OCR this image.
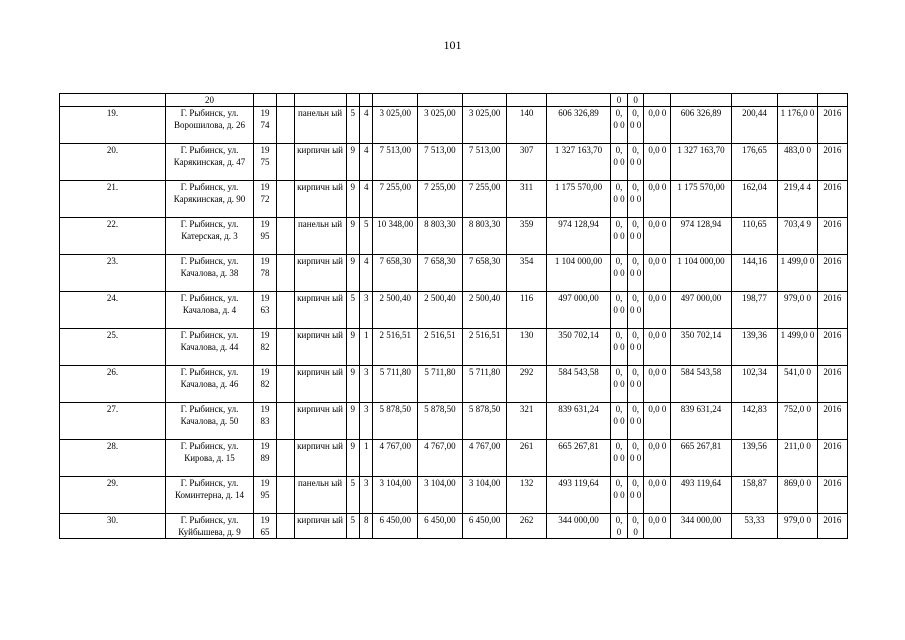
101
	20											0	0					
19.	Г. Рыбинск, ул. Ворошилова, д. 26	19 74		панельн ый	5	4	3 025,00	3 025,00	3 025,00	140	606 326,89	0, 0 0	0, 0 0	0,0 0	606 326,89	200,44	1 176,0 0	2016
20.	Г. Рыбинск, ул. Карякинская, д. 47	19 75		кирпичн ый	9	4	7 513,00	7 513,00	7 513,00	307	1 327 163,70	0, 0 0	0, 0 0	0,0 0	1 327 163,70	176,65	483,0 0	2016
21.	Г. Рыбинск, ул. Карякинская, д. 90	19 72		кирпичн ый	9	4	7 255,00	7 255,00	7 255,00	311	1 175 570,00	0, 0 0	0, 0 0	0,0 0	1 175 570,00	162,04	219,4 4	2016
22.	Г. Рыбинск, ул. Катерская, д. 3	19 95		панельн ый	9	5	10 348,00	8 803,30	8 803,30	359	974 128,94	0, 0 0	0, 0 0	0,0 0	974 128,94	110,65	703,4 9	2016
23.	Г. Рыбинск, ул. Качалова, д. 38	19 78		кирпичн ый	9	4	7 658,30	7 658,30	7 658,30	354	1 104 000,00	0, 0 0	0, 0 0	0,0 0	1 104 000,00	144,16	1 499,0 0	2016
24.	Г. Рыбинск, ул. Качалова, д. 4	19 63		кирпичн ый	5	3	2 500,40	2 500,40	2 500,40	116	497 000,00	0, 0 0	0, 0 0	0,0 0	497 000,00	198,77	979,0 0	2016
25.	Г. Рыбинск, ул. Качалова, д. 44	19 82		кирпичн ый	9	1	2 516,51	2 516,51	2 516,51	130	350 702,14	0, 0 0	0, 0 0	0,0 0	350 702,14	139,36	1 499,0 0	2016
26.	Г. Рыбинск, ул. Качалова, д. 46	19 82		кирпичн ый	9	3	5 711,80	5 711,80	5 711,80	292	584 543,58	0, 0 0	0, 0 0	0,0 0	584 543,58	102,34	541,0 0	2016
27.	Г. Рыбинск, ул. Качалова, д. 50	19 83		кирпичн ый	9	3	5 878,50	5 878,50	5 878,50	321	839 631,24	0, 0 0	0, 0 0	0,0 0	839 631,24	142,83	752,0 0	2016
28.	Г. Рыбинск, ул. Кирова, д. 15	19 89		кирпичн ый	9	1	4 767,00	4 767,00	4 767,00	261	665 267,81	0, 0 0	0, 0 0	0,0 0	665 267,81	139,56	211,0 0	2016
29.	Г. Рыбинск, ул. Коминтерна, д. 14	19 95		панельн ый	5	3	3 104,00	3 104,00	3 104,00	132	493 119,64	0, 0 0	0, 0 0	0,0 0	493 119,64	158,87	869,0 0	2016
30.	Г. Рыбинск, ул. Куйбышева, д. 9	19 65		кирпичн ый	5	8	6 450,00	6 450,00	6 450,00	262	344 000,00	0, 0	0, 0	0,0 0	344 000,00	53,33	979,0 0	2016
